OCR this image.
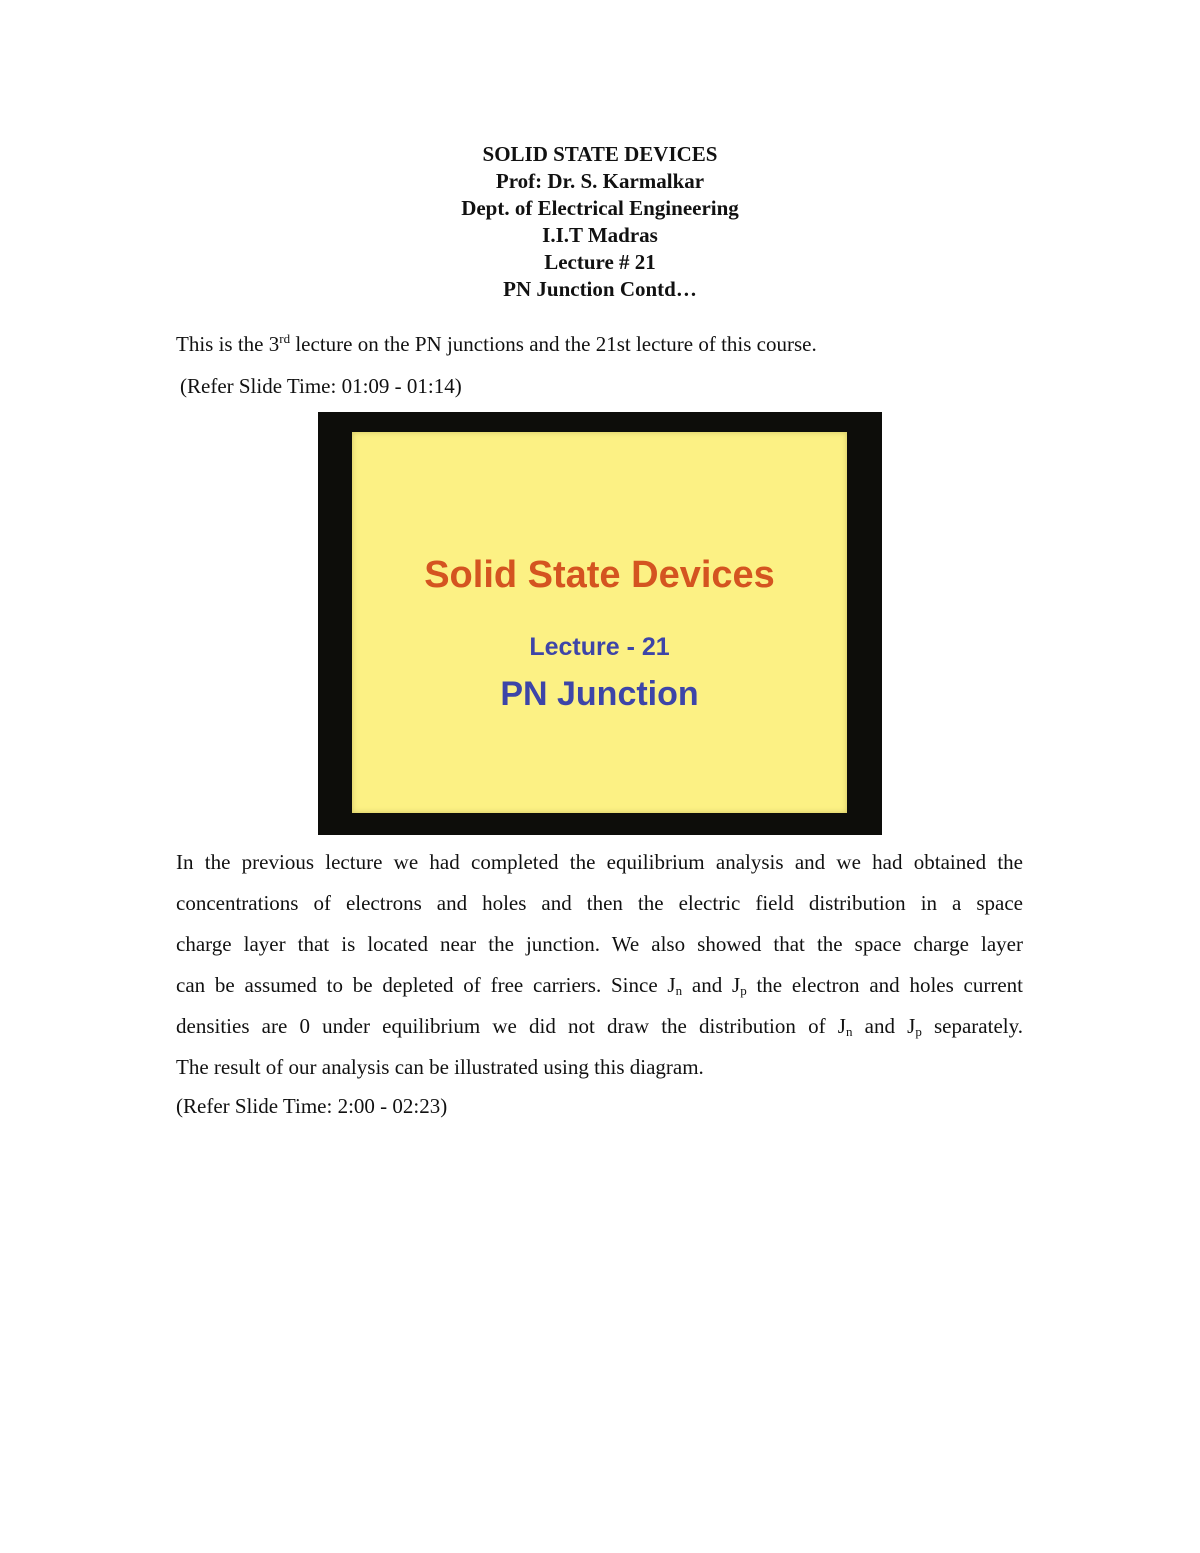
SOLID STATE DEVICES
Prof: Dr. S. Karmalkar
Dept. of Electrical Engineering
I.I.T Madras
Lecture # 21
PN Junction Contd…
This is the 3rd lecture on the PN junctions and the 21st lecture of this course.
(Refer Slide Time: 01:09 - 01:14)
Solid State Devices
Lecture - 21
PN Junction
In the previous lecture we had completed the equilibrium analysis and we had obtained the
concentrations of electrons and holes and then the electric field distribution in a space
charge layer that is located near the junction. We also showed that the space charge layer
can be assumed to be depleted of free carriers. Since $J_n$ and $J_p$ the electron and holes current
densities are 0 under equilibrium we did not draw the distribution of $J_n$ and $J_p$ separately.
The result of our analysis can be illustrated using this diagram.
(Refer Slide Time: 2:00 - 02:23)
